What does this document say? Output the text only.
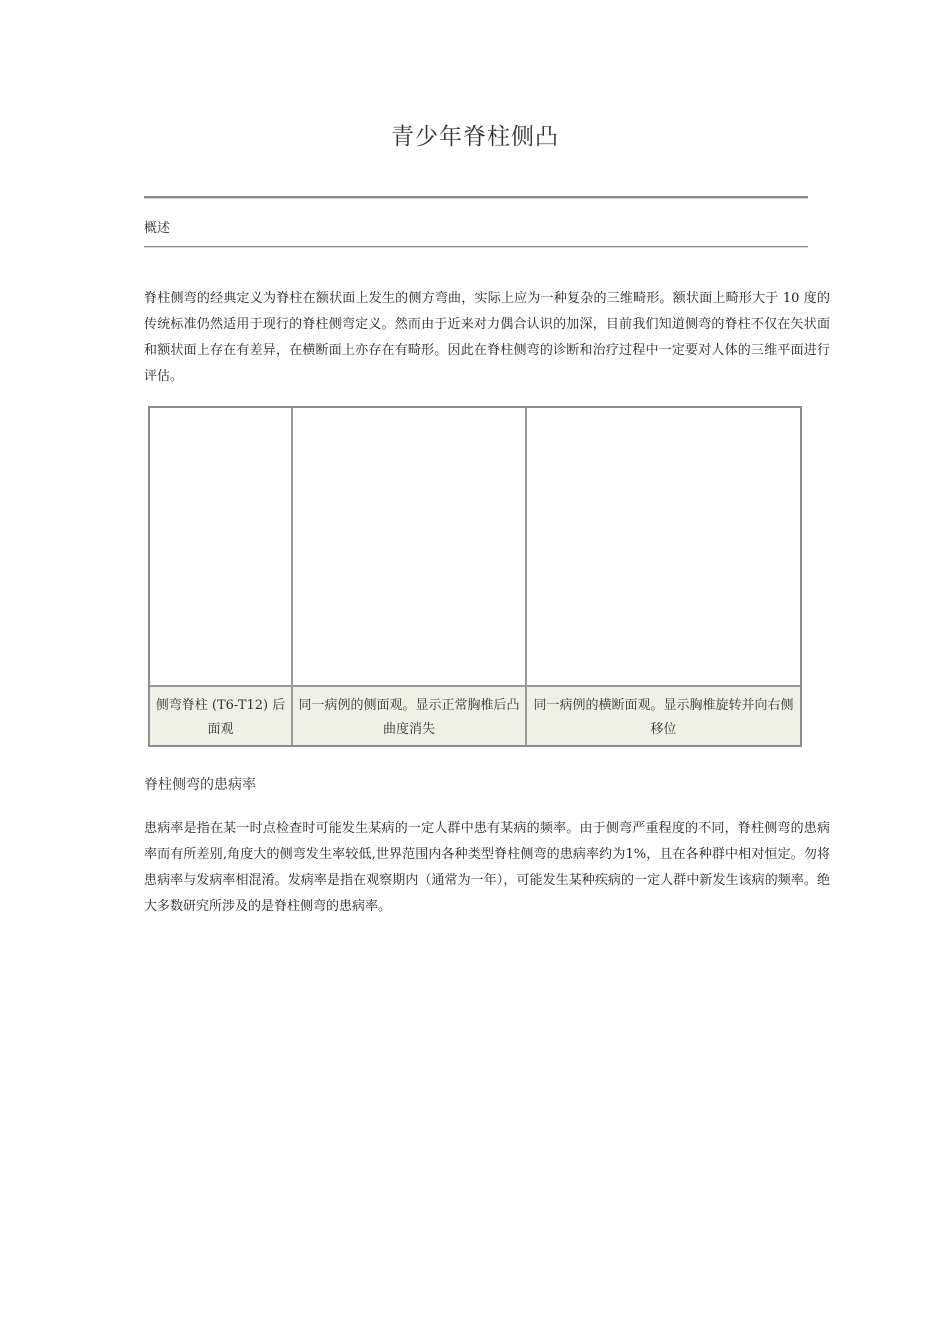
青少年脊柱侧凸
概述
脊柱侧弯的经典定义为脊柱在额状面上发生的侧方弯曲，实际上应为一种复杂的三维畸形。额状面上畸形大于 10 度的传统标准仍然适用于现行的脊柱侧弯定义。然而由于近来对力偶合认识的加深，目前我们知道侧弯的脊柱不仅在矢状面和额状面上存在有差异，在横断面上亦存在有畸形。因此在脊柱侧弯的诊断和治疗过程中一定要对人体的三维平面进行评估。
侧弯脊柱 (T6-T12) 后面观
同一病例的侧面观。显示正常胸椎后凸曲度消失
同一病例的横断面观。显示胸椎旋转并向右侧移位
脊柱侧弯的患病率
患病率是指在某一时点检查时可能发生某病的一定人群中患有某病的频率。由于侧弯严重程度的不同，脊柱侧弯的患病率而有所差别,角度大的侧弯发生率较低,世界范围内各种类型脊柱侧弯的患病率约为1%，且在各种群中相对恒定。勿将患病率与发病率相混淆。发病率是指在观察期内（通常为一年），可能发生某种疾病的一定人群中新发生该病的频率。绝大多数研究所涉及的是脊柱侧弯的患病率。
